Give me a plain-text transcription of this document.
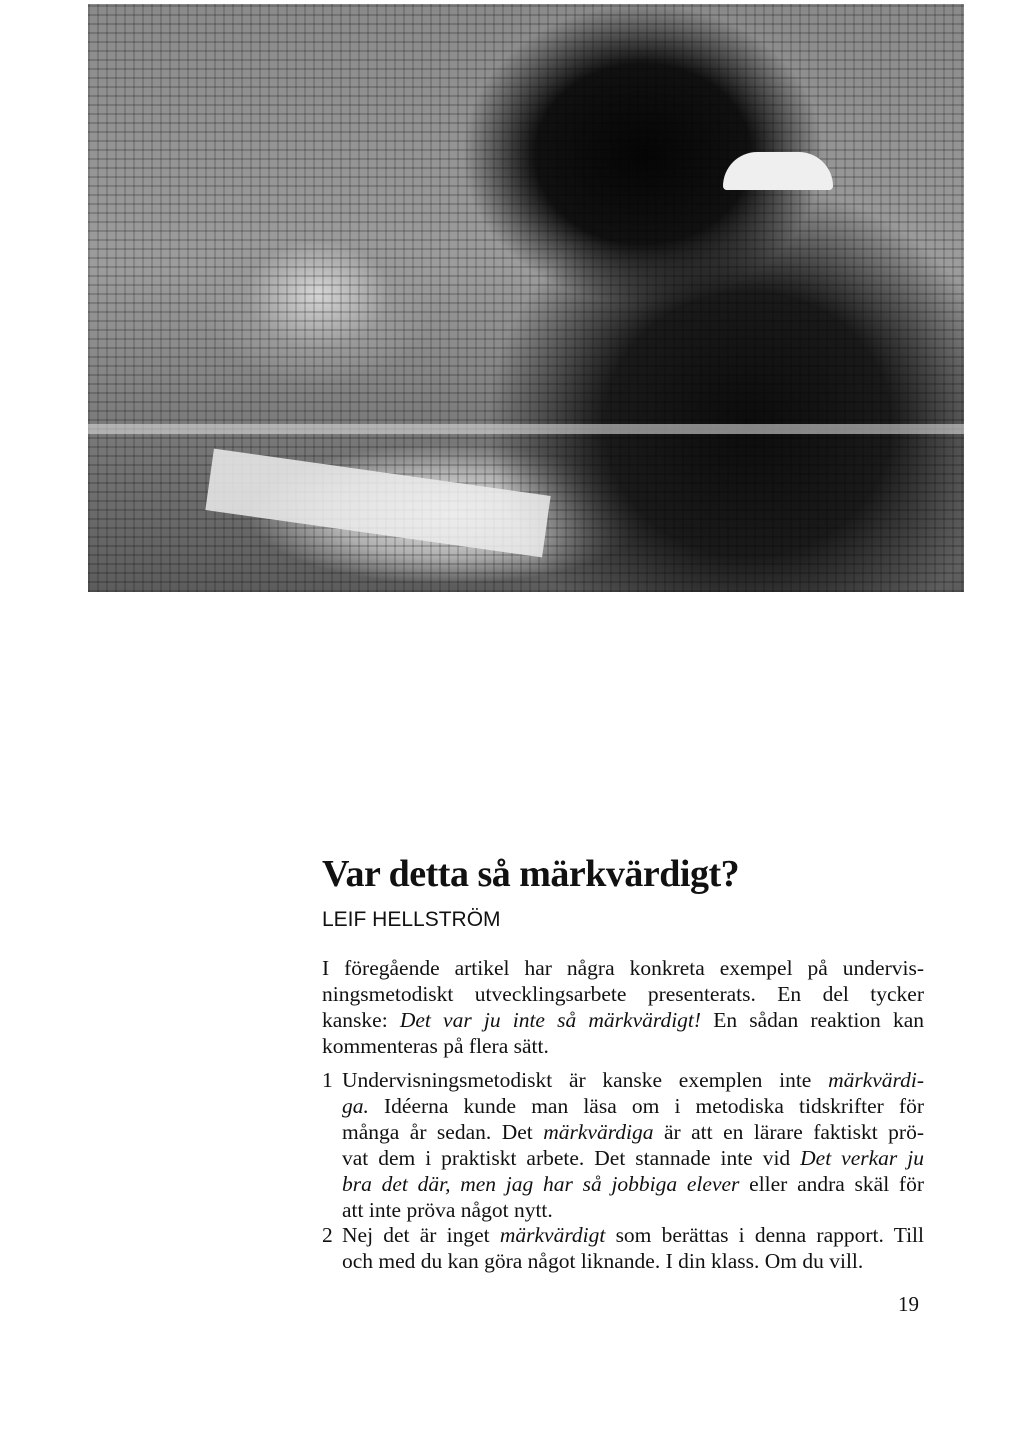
Var detta så märkvärdigt?

LEIF HELLSTRÖM

I föregående artikel har några konkreta exempel på undervis-
ningsmetodiskt utvecklingsarbete presenterats. En del tycker
kanske: Det var ju inte så märkvärdigt! En sådan reaktion kan
kommenteras på flera sätt.
1 Undervisningsmetodiskt är kanske exemplen inte märkvärdi-
ga. Idéerna kunde man läsa om i metodiska tidskrifter för
många år sedan. Det märkvärdiga är att en lärare faktiskt prö-
vat dem i praktiskt arbete. Det stannade inte vid Det verkar ju
bra det där, men jag har så jobbiga elever eller andra skäl för
att inte pröva något nytt.
2 Nej det är inget märkvärdigt som berättas i denna rapport. Till
och med du kan göra något liknande. I din klass. Om du vill.

19
